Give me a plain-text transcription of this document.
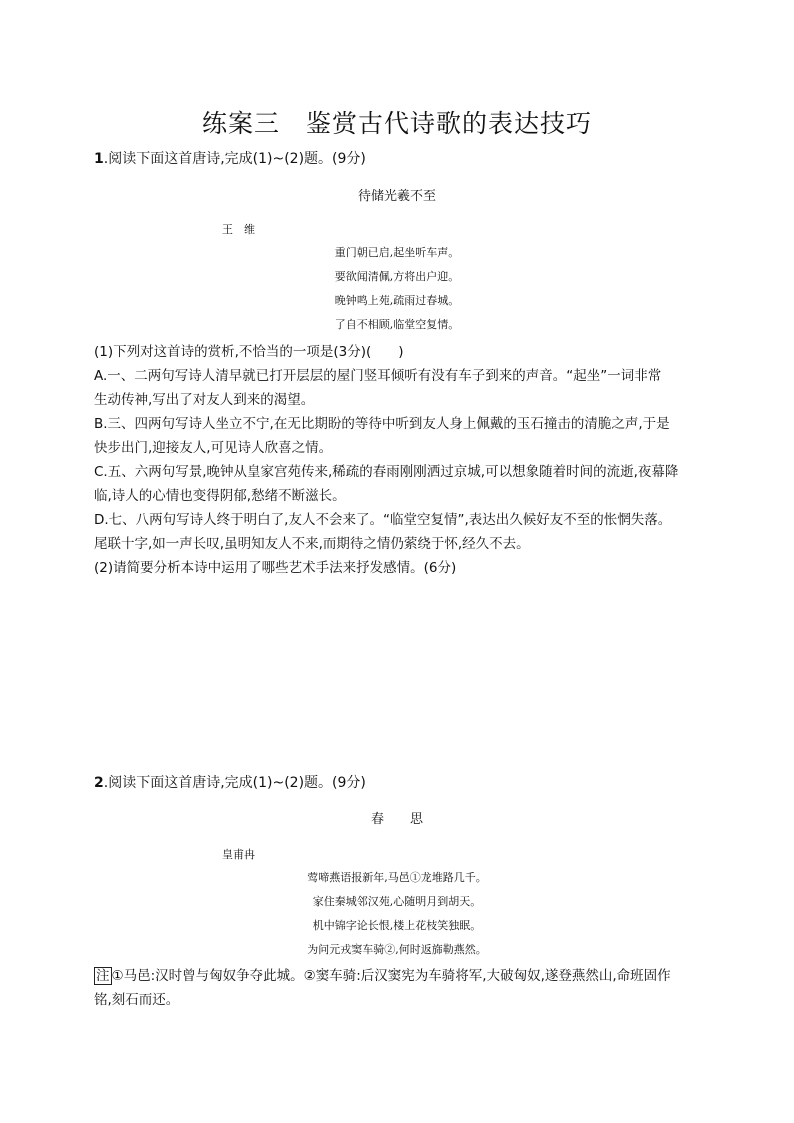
练案三　鉴赏古代诗歌的表达技巧
1.阅读下面这首唐诗,完成(1)~(2)题。(9分)
待储光羲不至
王　维
重门朝已启,起坐听车声。
要欲闻清佩,方将出户迎。
晚钟鸣上苑,疏雨过春城。
了自不相顾,临堂空复情。
(1)下列对这首诗的赏析,不恰当的一项是(3分)(　　)
A.一、二两句写诗人清早就已打开层层的屋门竖耳倾听有没有车子到来的声音。“起坐”一词非常
生动传神,写出了对友人到来的渴望。
B.三、四两句写诗人坐立不宁,在无比期盼的等待中听到友人身上佩戴的玉石撞击的清脆之声,于是
快步出门,迎接友人,可见诗人欣喜之情。
C.五、六两句写景,晚钟从皇家宫苑传来,稀疏的春雨刚刚洒过京城,可以想象随着时间的流逝,夜幕降
临,诗人的心情也变得阴郁,愁绪不断滋长。
D.七、八两句写诗人终于明白了,友人不会来了。“临堂空复情”,表达出久候好友不至的怅惘失落。
尾联十字,如一声长叹,虽明知友人不来,而期待之情仍萦绕于怀,经久不去。
(2)请简要分析本诗中运用了哪些艺术手法来抒发感情。(6分)
2.阅读下面这首唐诗,完成(1)~(2)题。(9分)
春　　思
皇甫冉
莺啼燕语报新年,马邑①龙堆路几千。
家住秦城邻汉苑,心随明月到胡天。
机中锦字论长恨,楼上花枝笑独眠。
为问元戎窦车骑②,何时返旆勒燕然。
注 ①马邑:汉时曾与匈奴争夺此城。②窦车骑:后汉窦宪为车骑将军,大破匈奴,遂登燕然山,命班固作
铭,刻石而还。
